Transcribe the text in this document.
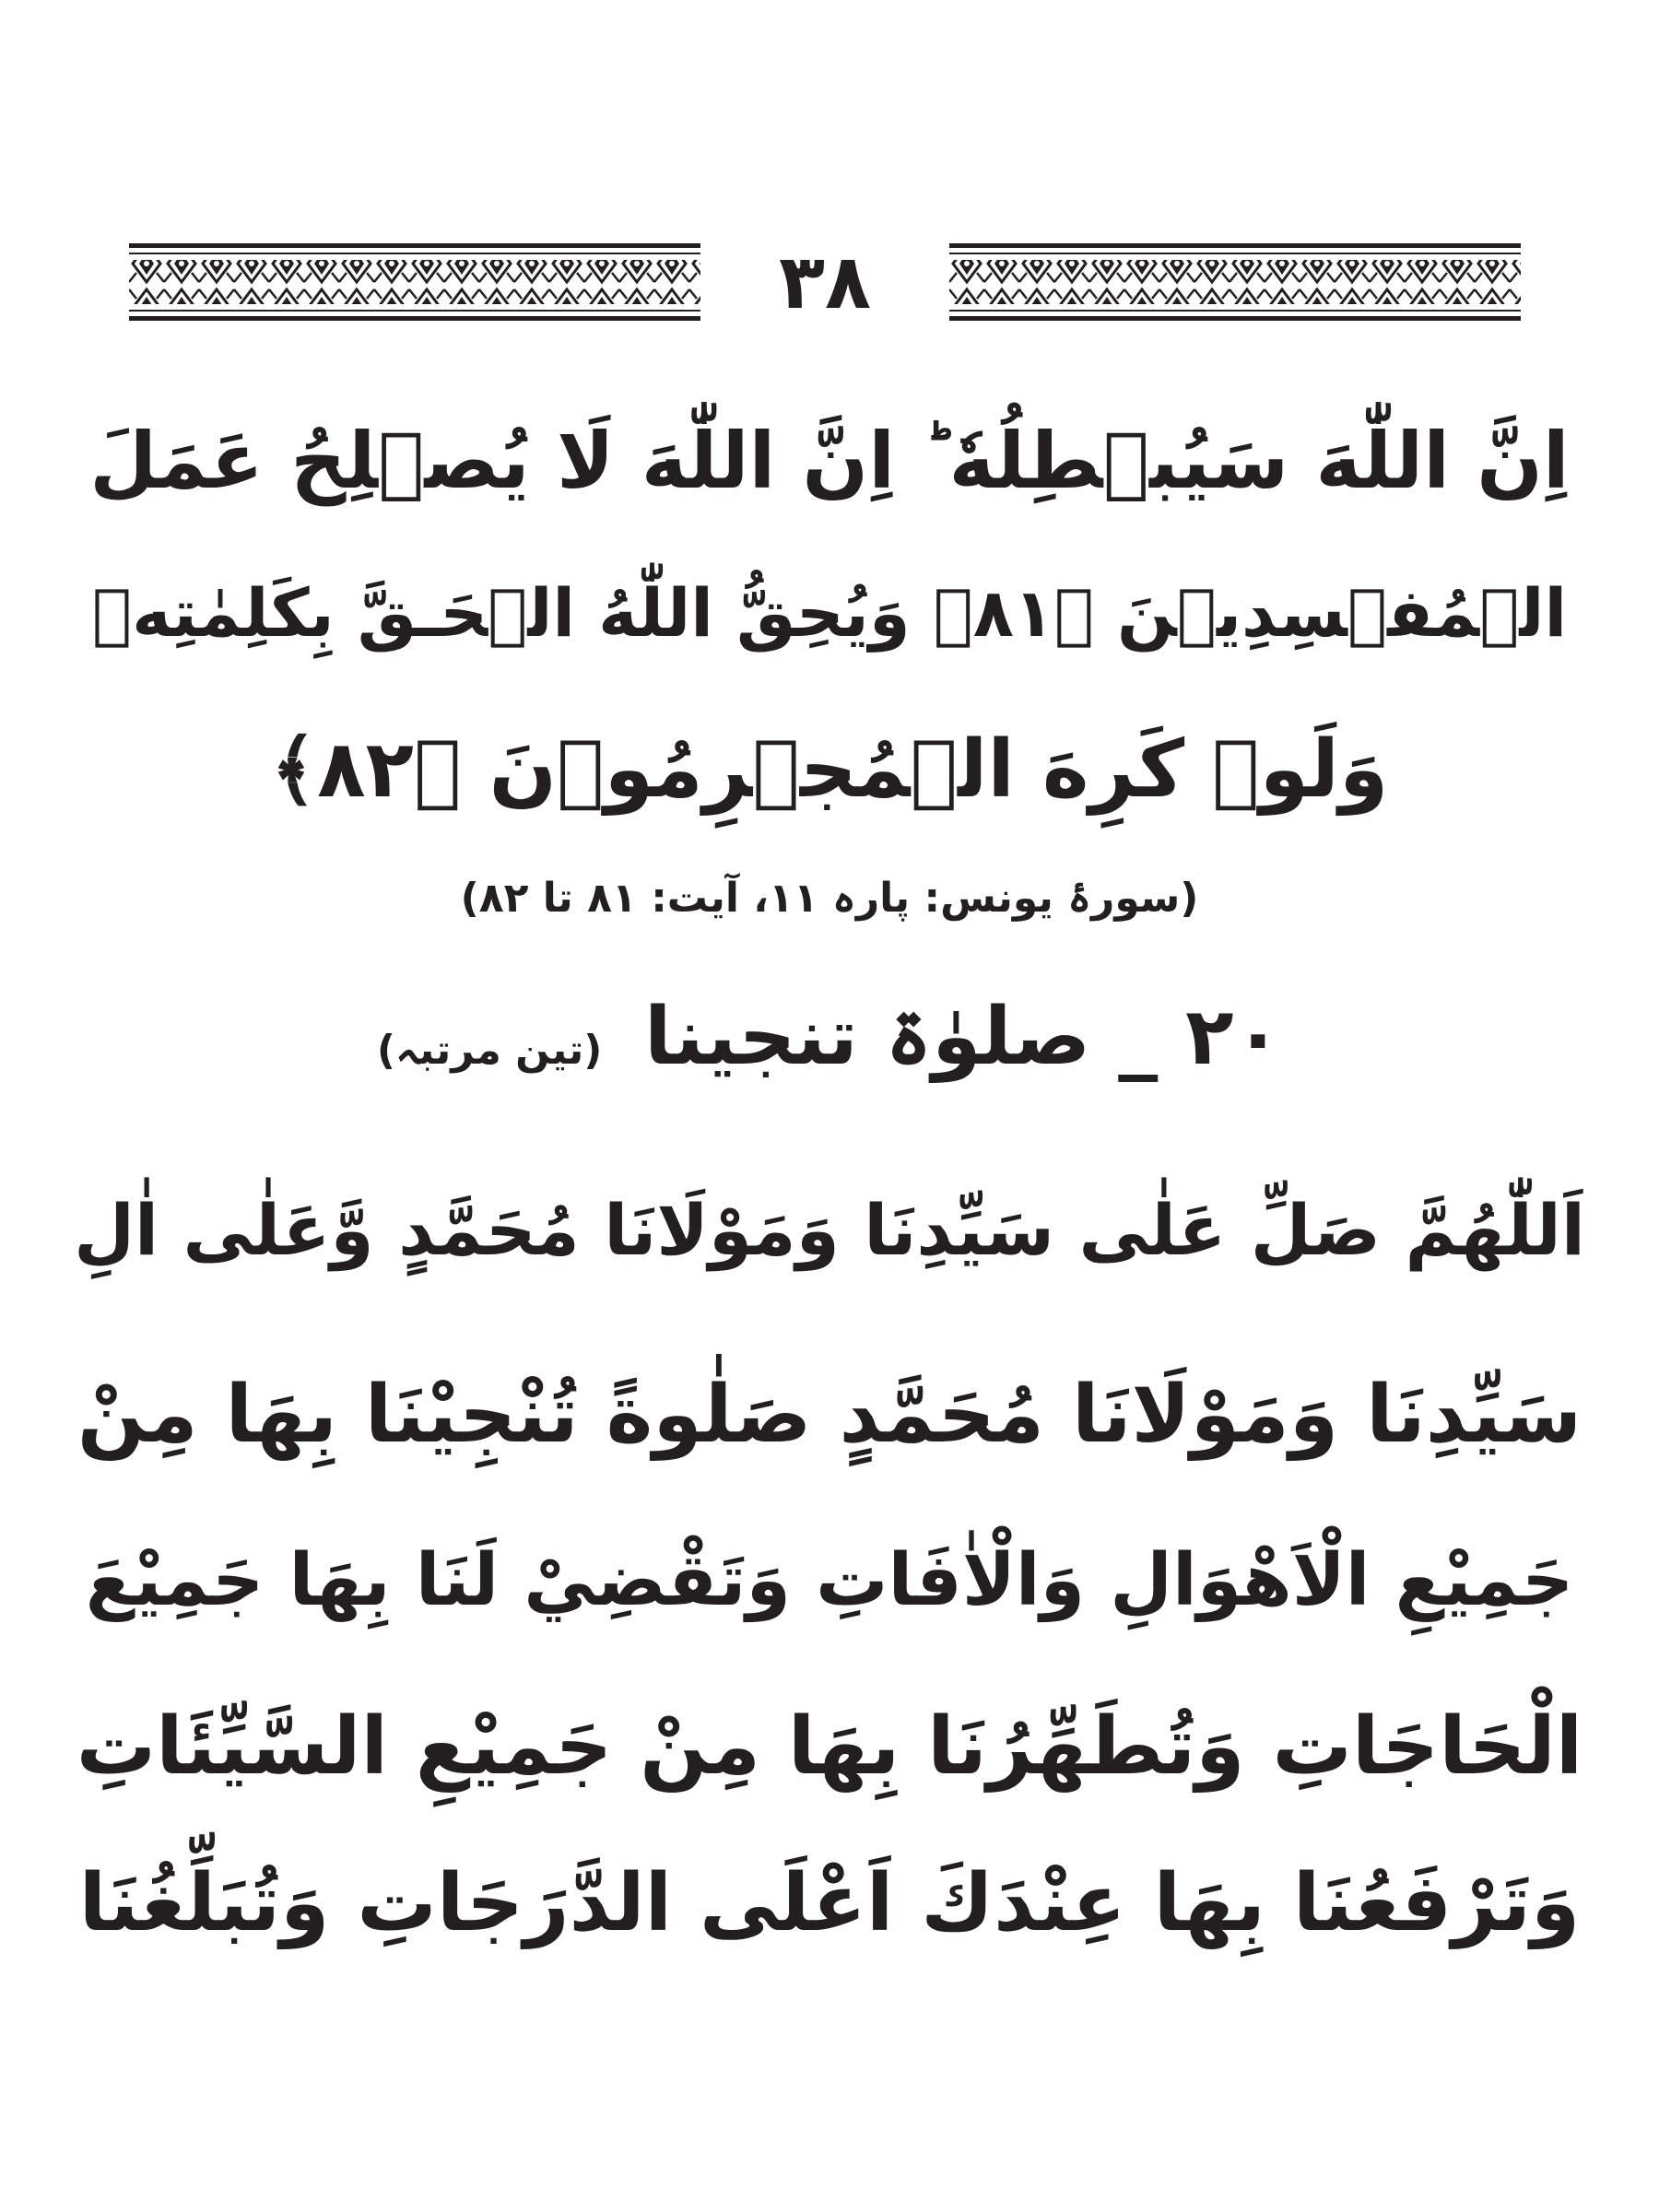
٣٨
اِنَّ اللّٰهَ سَيُبۡطِلُهٗ ؕ اِنَّ اللّٰهَ لَا يُصۡلِحُ عَمَلَ
الۡمُفۡسِدِيۡنَ ﴿۸۱﴾ وَيُحِقُّ اللّٰهُ الۡحَـقَّ بِكَلِمٰتِهٖ
وَلَوۡ كَرِهَ الۡمُجۡرِمُوۡنَ ﴿۸۲﴾
(سورۂ یونس: پارہ ۱۱، آیت: ۸۱ تا ۸۲)
۲۰ _ صلوٰۃ تنجینا (تین مرتبہ)
اَللّٰهُمَّ صَلِّ عَلٰى سَيِّدِنَا وَمَوْلَانَا مُحَمَّدٍ وَّعَلٰى اٰلِ
سَيِّدِنَا وَمَوْلَانَا مُحَمَّدٍ صَلٰوةً تُنْجِيْنَا بِهَا مِنْ
جَمِيْعِ الْاَهْوَالِ وَالْاٰفَاتِ وَتَقْضِيْ لَنَا بِهَا جَمِيْعَ
الْحَاجَاتِ وَتُطَهِّرُنَا بِهَا مِنْ جَمِيْعِ السَّيِّئَاتِ
وَتَرْفَعُنَا بِهَا عِنْدَكَ اَعْلَى الدَّرَجَاتِ وَتُبَلِّغُنَا
